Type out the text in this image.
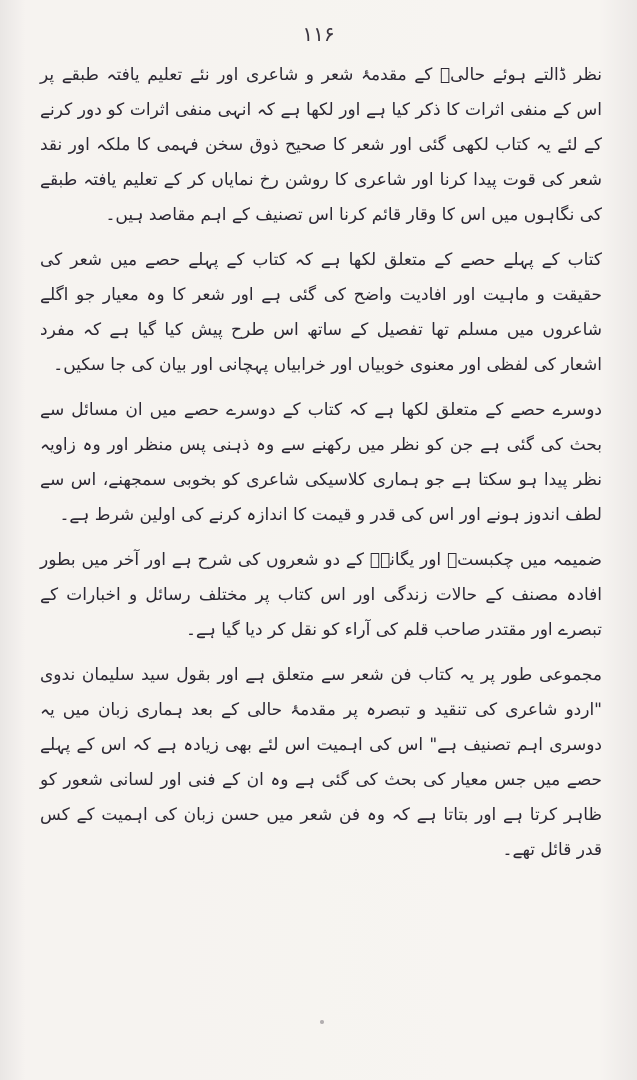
۱۱۶

نظر ڈالتے ہوئے حالیؔ کے مقدمۂ شعر و شاعری اور نئے تعلیم یافتہ طبقے پر اس کے منفی اثرات کا ذکر کیا ہے اور لکھا ہے کہ انہی منفی اثرات کو دور کرنے کے لئے یہ کتاب لکھی گئی اور شعر کا صحیح ذوق سخن فہمی کا ملکہ اور نقد شعر کی قوت پیدا کرنا اور شاعری کا روشن رخ نمایاں کر کے تعلیم یافتہ طبقے کی نگاہوں میں اس کا وقار قائم کرنا اس تصنیف کے اہم مقاصد ہیں۔

کتاب کے پہلے حصے کے متعلق لکھا ہے کہ کتاب کے پہلے حصے میں شعر کی حقیقت و ماہیت اور افادیت واضح کی گئی ہے اور شعر کا وہ معیار جو اگلے شاعروں میں مسلم تھا تفصیل کے ساتھ اس طرح پیش کیا گیا ہے کہ مفرد اشعار کی لفظی اور معنوی خوبیاں اور خرابیاں پہچانی اور بیان کی جا سکیں۔

دوسرے حصے کے متعلق لکھا ہے کہ کتاب کے دوسرے حصے میں ان مسائل سے بحث کی گئی ہے جن کو نظر میں رکھنے سے وہ ذہنی پس منظر اور وہ زاویہ نظر پیدا ہو سکتا ہے جو ہماری کلاسیکی شاعری کو بخوبی سمجھنے، اس سے لطف اندوز ہونے اور اس کی قدر و قیمت کا اندازہ کرنے کی اولین شرط ہے۔

ضمیمہ میں چکبستؔ اور یگانہؔ کے دو شعروں کی شرح ہے اور آخر میں بطور افادہ مصنف کے حالات زندگی اور اس کتاب پر مختلف رسائل و اخبارات کے تبصرے اور مقتدر صاحب قلم کی آراء کو نقل کر دیا گیا ہے۔

مجموعی طور پر یہ کتاب فن شعر سے متعلق ہے اور بقول سید سلیمان ندوی "اردو شاعری کی تنقید و تبصرہ پر مقدمۂ حالی کے بعد ہماری زبان میں یہ دوسری اہم تصنیف ہے" اس کی اہمیت اس لئے بھی زیادہ ہے کہ اس کے پہلے حصے میں جس معیار کی بحث کی گئی ہے وہ ان کے فنی اور لسانی شعور کو ظاہر کرتا ہے اور بتاتا ہے کہ وہ فن شعر میں حسن زبان کی اہمیت کے کس قدر قائل تھے۔
